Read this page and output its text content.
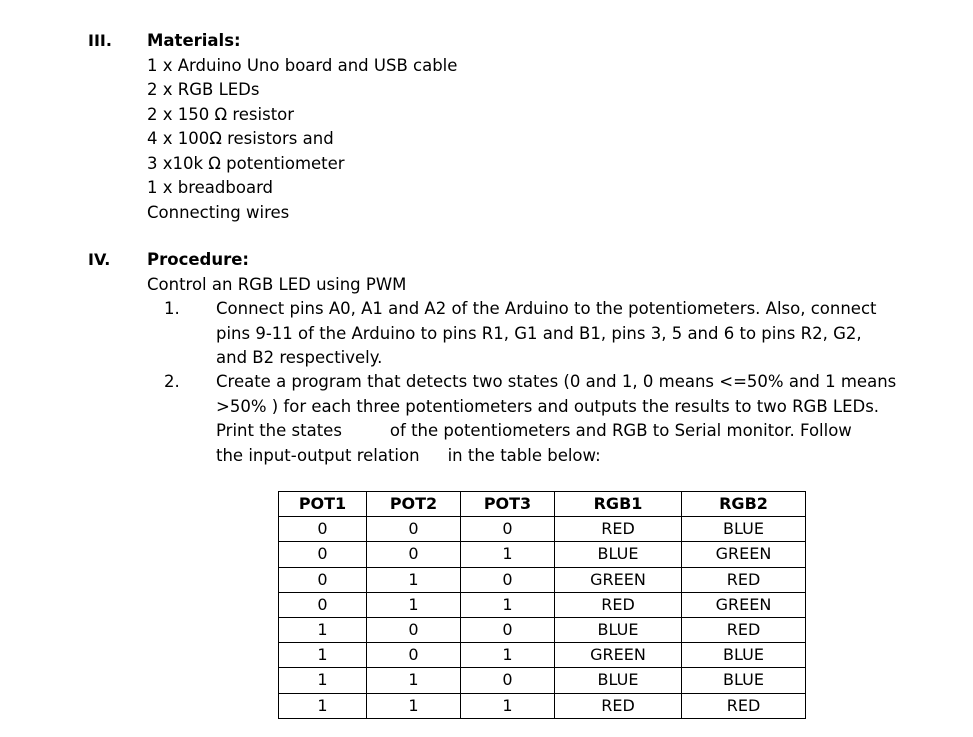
III. Materials:
1 x Arduino Uno board and USB cable
2 x RGB LEDs
2 x 150 Ω resistor
4 x 100Ω resistors and
3 x10k Ω potentiometer
1 x breadboard
Connecting wires
IV. Procedure:
Control an RGB LED using PWM
1. Connect pins A0, A1 and A2 of the Arduino to the potentiometers. Also, connect
pins 9-11 of the Arduino to pins R1, G1 and B1, pins 3, 5 and 6 to pins R2, G2,
and B2 respectively.
2. Create a program that detects two states (0 and 1, 0 means <=50% and 1 means
>50% ) for each three potentiometers and outputs the results to two RGB LEDs.
Print the states	of the potentiometers and RGB to Serial monitor. Follow
the input-output relation in the table below:
POT1	POT2	POT3	RGB1	RGB2
0	0	0	RED	BLUE
0	0	1	BLUE	GREEN
0	1	0	GREEN	RED
0	1	1	RED	GREEN
1	0	0	BLUE	RED
1	0	1	GREEN	BLUE
1	1	0	BLUE	BLUE
1	1	1	RED	RED
